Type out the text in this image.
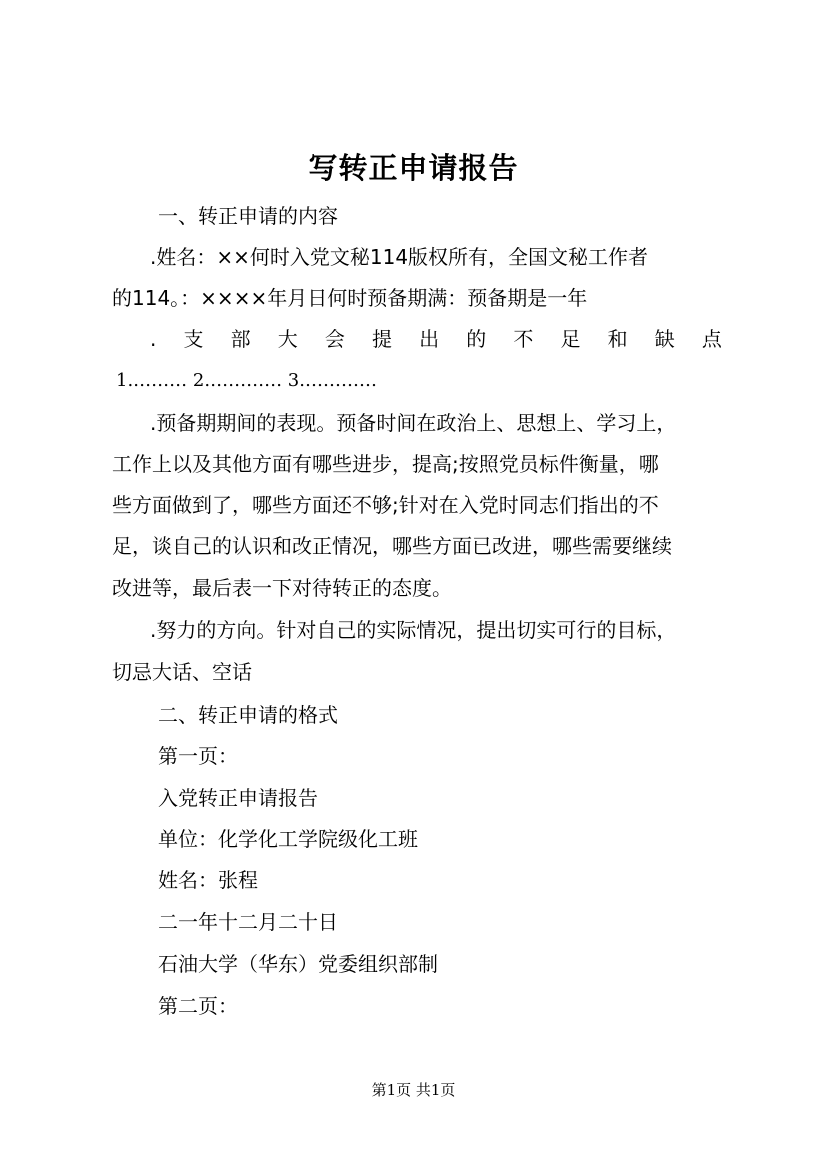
写转正申请报告
一、转正申请的内容
.姓名：××何时入党文秘114版权所有，全国文秘工作者
的114。：××××年月日何时预备期满：预备期是一年
. 支 部 大 会 提 出 的 不 足 和 缺 点
1.……… 2.………… 3.…………
.预备期期间的表现。预备时间在政治上、思想上、学习上，
工作上以及其他方面有哪些进步，提高;按照党员标件衡量，哪
些方面做到了，哪些方面还不够;针对在入党时同志们指出的不
足，谈自己的认识和改正情况，哪些方面已改进，哪些需要继续
改进等，最后表一下对待转正的态度。
.努力的方向。针对自己的实际情况，提出切实可行的目标，
切忌大话、空话
二、转正申请的格式
第一页：
入党转正申请报告
单位：化学化工学院级化工班
姓名：张程
二一年十二月二十日
石油大学（华东）党委组织部制
第二页：
第1页 共1页
